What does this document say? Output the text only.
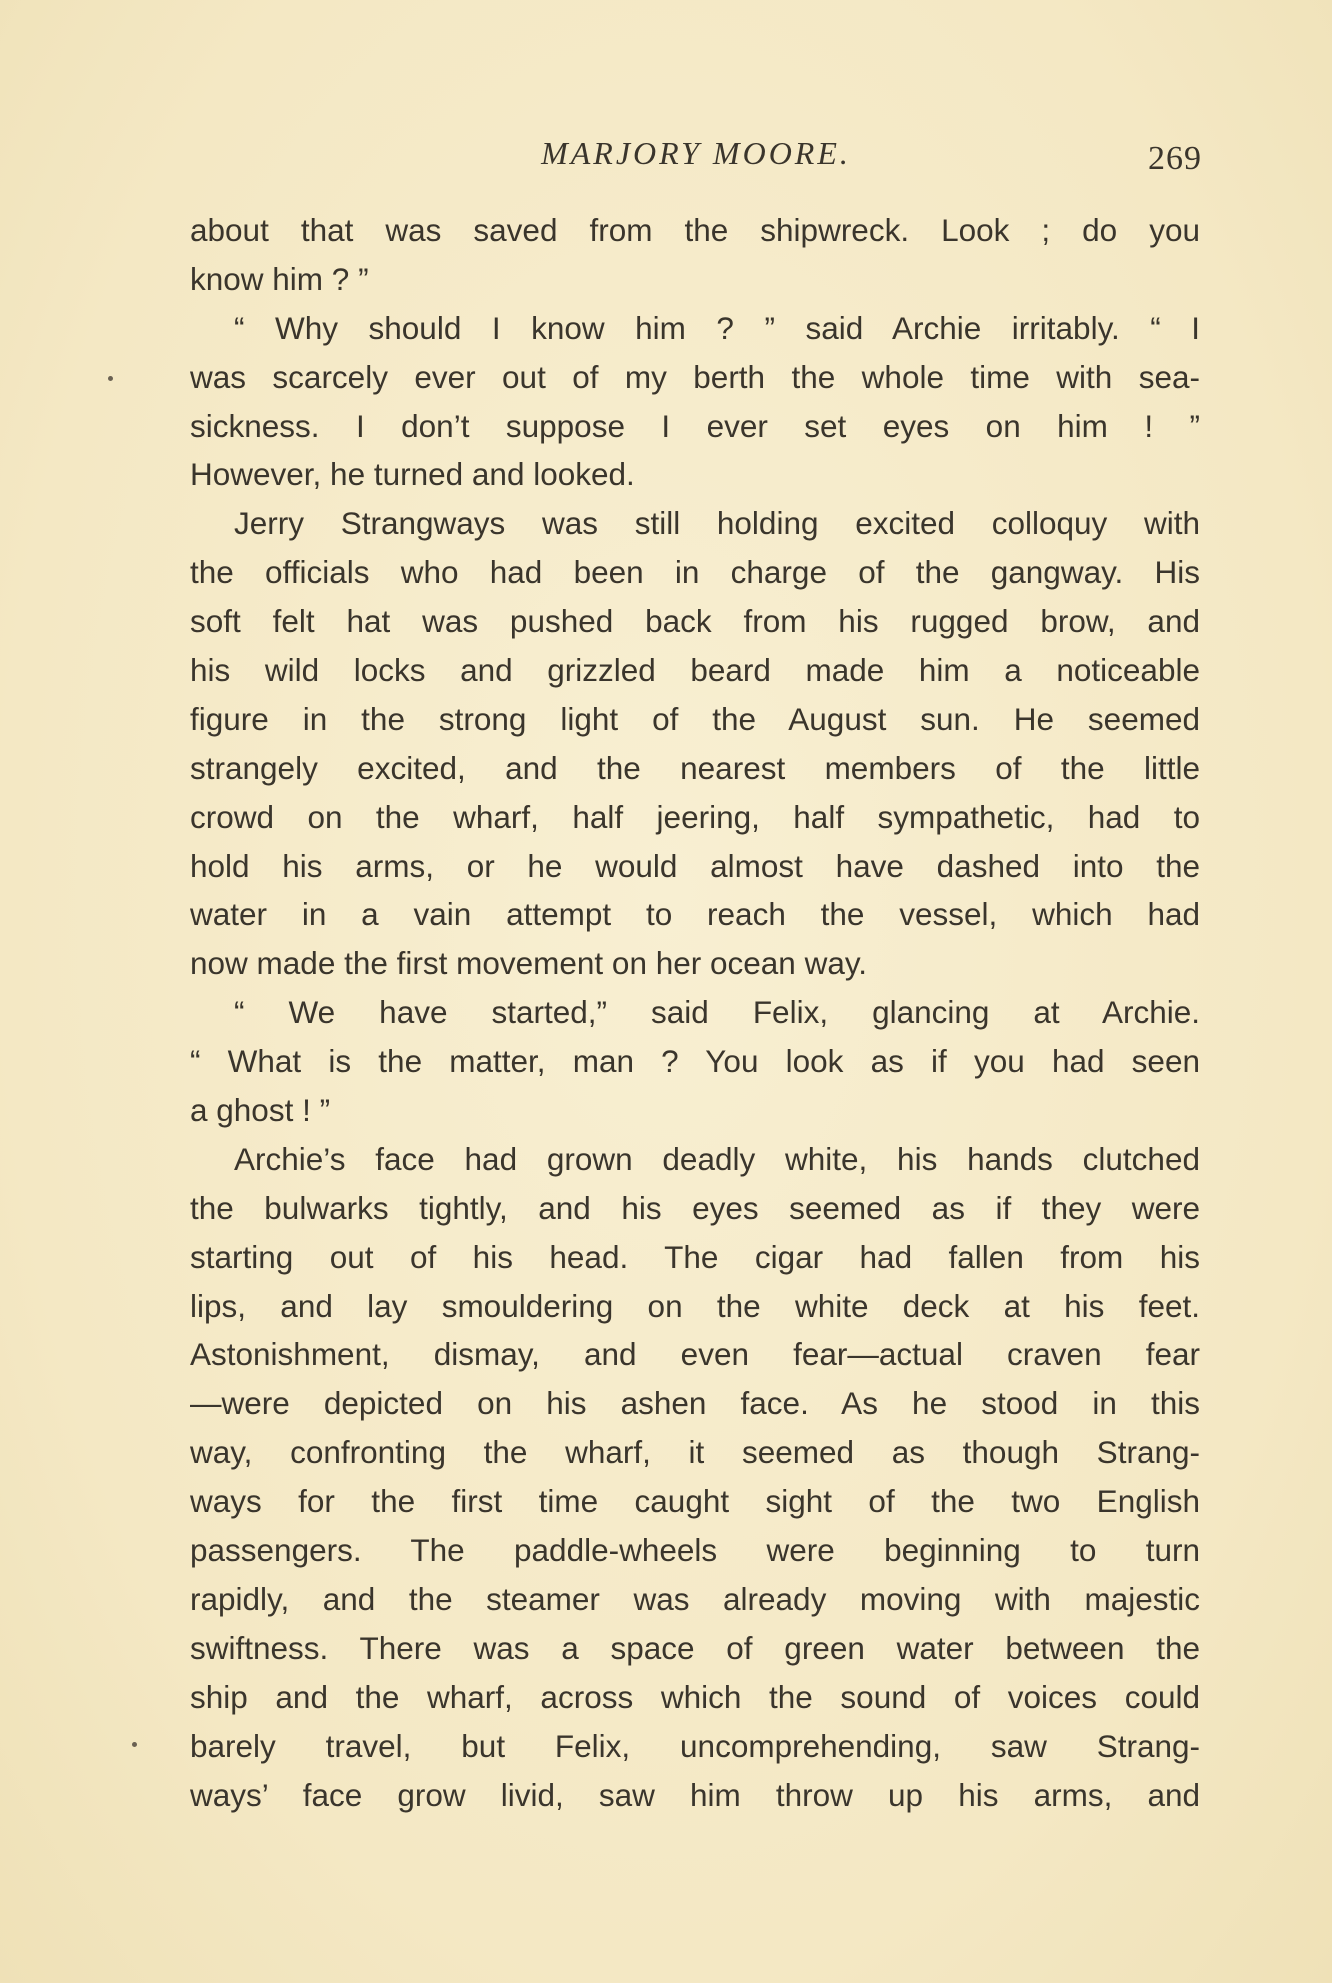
MARJORY MOORE.	269
about that was saved from the shipwreck. Look ; do you
know him ? ”
“ Why should I know him ? ” said Archie irritably. “ I
was scarcely ever out of my berth the whole time with sea-
sickness. I don’t suppose I ever set eyes on him ! ”
However, he turned and looked.
Jerry Strangways was still holding excited colloquy with
the officials who had been in charge of the gangway. His
soft felt hat was pushed back from his rugged brow, and
his wild locks and grizzled beard made him a noticeable
figure in the strong light of the August sun. He seemed
strangely excited, and the nearest members of the little
crowd on the wharf, half jeering, half sympathetic, had to
hold his arms, or he would almost have dashed into the
water in a vain attempt to reach the vessel, which had
now made the first movement on her ocean way.
“ We have started,” said Felix, glancing at Archie.
“ What is the matter, man ? You look as if you had seen
a ghost ! ”
Archie’s face had grown deadly white, his hands clutched
the bulwarks tightly, and his eyes seemed as if they were
starting out of his head. The cigar had fallen from his
lips, and lay smouldering on the white deck at his feet.
Astonishment, dismay, and even fear—actual craven fear
—were depicted on his ashen face. As he stood in this
way, confronting the wharf, it seemed as though Strang-
ways for the first time caught sight of the two English
passengers. The paddle-wheels were beginning to turn
rapidly, and the steamer was already moving with majestic
swiftness. There was a space of green water between the
ship and the wharf, across which the sound of voices could
barely travel, but Felix, uncomprehending, saw Strang-
ways’ face grow livid, saw him throw up his arms, and
